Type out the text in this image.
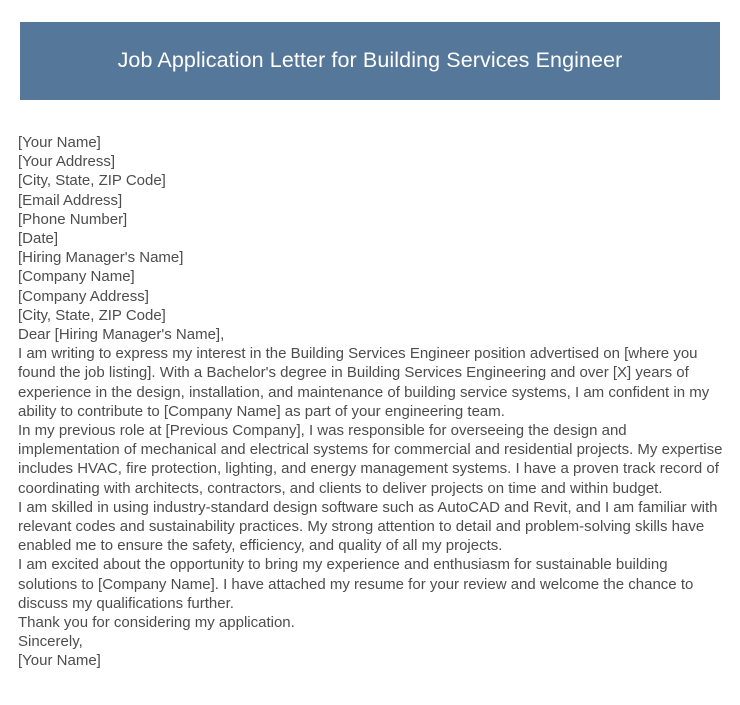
Job Application Letter for Building Services Engineer

[Your Name]

[Your Address]

[City, State, ZIP Code]

[Email Address]

[Phone Number]

[Date]

[Hiring Manager's Name]

[Company Name]

[Company Address]

[City, State, ZIP Code]

Dear [Hiring Manager's Name],

I am writing to express my interest in the Building Services Engineer position advertised on [where you found the job listing]. With a Bachelor's degree in Building Services Engineering and over [X] years of experience in the design, installation, and maintenance of building service systems, I am confident in my ability to contribute to [Company Name] as part of your engineering team.

In my previous role at [Previous Company], I was responsible for overseeing the design and implementation of mechanical and electrical systems for commercial and residential projects. My expertise includes HVAC, fire protection, lighting, and energy management systems. I have a proven track record of coordinating with architects, contractors, and clients to deliver projects on time and within budget.

I am skilled in using industry-standard design software such as AutoCAD and Revit, and I am familiar with relevant codes and sustainability practices. My strong attention to detail and problem-solving skills have enabled me to ensure the safety, efficiency, and quality of all my projects.

I am excited about the opportunity to bring my experience and enthusiasm for sustainable building solutions to [Company Name]. I have attached my resume for your review and welcome the chance to discuss my qualifications further.

Thank you for considering my application.

Sincerely,

[Your Name]
